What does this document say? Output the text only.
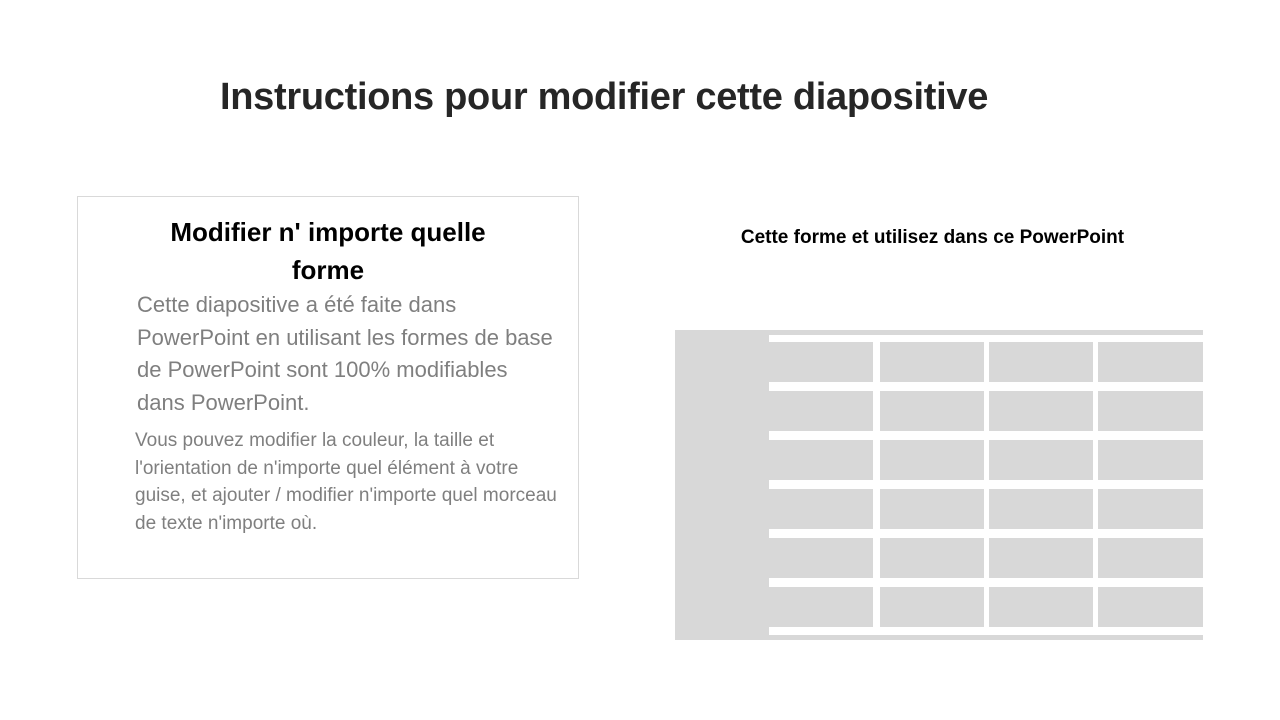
Instructions pour modifier cette diapositive
Modifier n' importe quelle forme

Cette diapositive a été faite dans PowerPoint en utilisant les formes de base de PowerPoint sont 100% modifiables dans PowerPoint.

Vous pouvez modifier la couleur, la taille et l'orientation de n'importe quel élément à votre guise, et ajouter / modifier n'importe quel morceau de texte n'importe où.

Cette forme et utilisez dans ce PowerPoint
